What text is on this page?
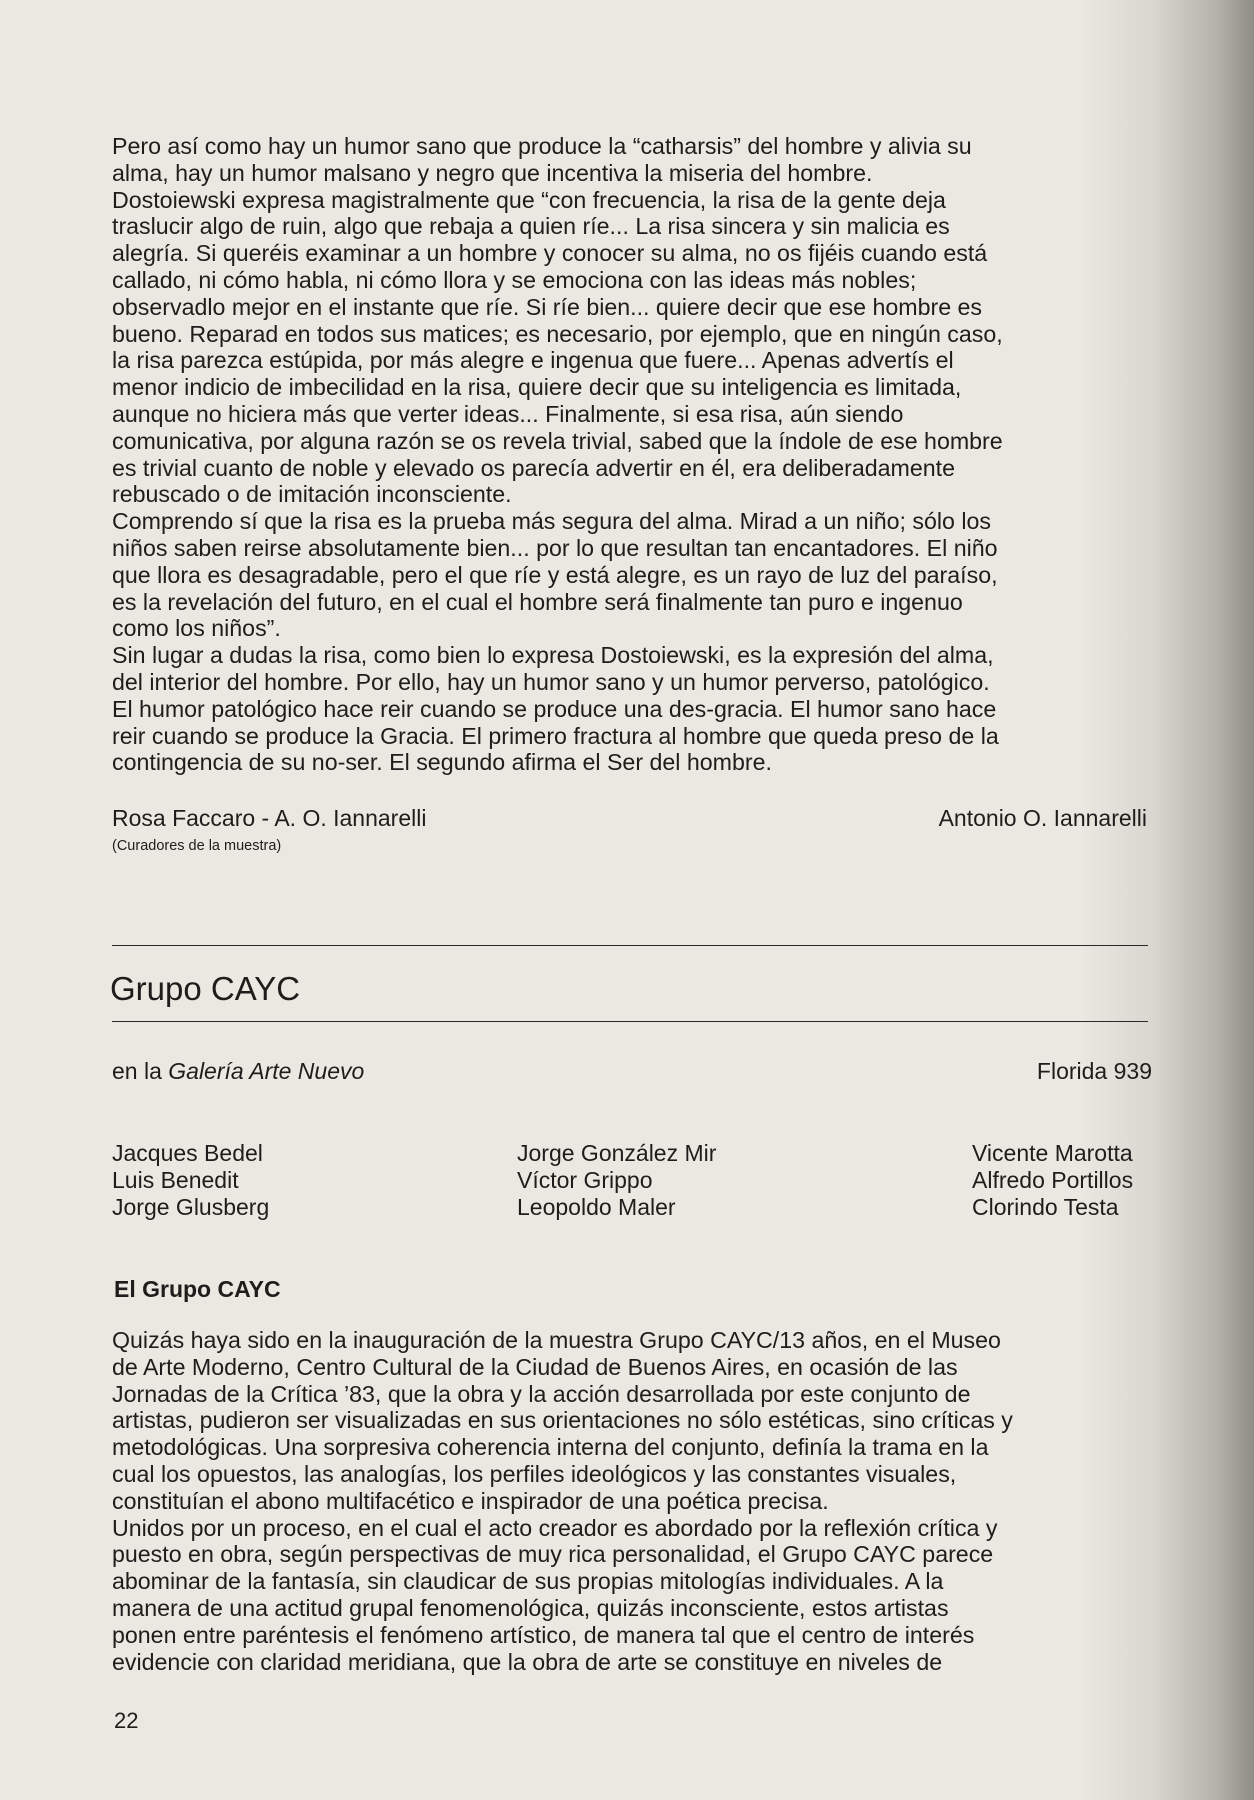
Pero así como hay un humor sano que produce la “catharsis” del hombre y alivia su
alma, hay un humor malsano y negro que incentiva la miseria del hombre.
Dostoiewski expresa magistralmente que “con frecuencia, la risa de la gente deja
traslucir algo de ruin, algo que rebaja a quien ríe... La risa sincera y sin malicia es
alegría. Si queréis examinar a un hombre y conocer su alma, no os fijéis cuando está
callado, ni cómo habla, ni cómo llora y se emociona con las ideas más nobles;
observadlo mejor en el instante que ríe. Si ríe bien... quiere decir que ese hombre es
bueno. Reparad en todos sus matices; es necesario, por ejemplo, que en ningún caso,
la risa parezca estúpida, por más alegre e ingenua que fuere... Apenas advertís el
menor indicio de imbecilidad en la risa, quiere decir que su inteligencia es limitada,
aunque no hiciera más que verter ideas... Finalmente, si esa risa, aún siendo
comunicativa, por alguna razón se os revela trivial, sabed que la índole de ese hombre
es trivial cuanto de noble y elevado os parecía advertir en él, era deliberadamente
rebuscado o de imitación inconsciente.

Comprendo sí que la risa es la prueba más segura del alma. Mirad a un niño; sólo los
niños saben reirse absolutamente bien... por lo que resultan tan encantadores. El niño
que llora es desagradable, pero el que ríe y está alegre, es un rayo de luz del paraíso,
es la revelación del futuro, en el cual el hombre será finalmente tan puro e ingenuo
como los niños”.

Sin lugar a dudas la risa, como bien lo expresa Dostoiewski, es la expresión del alma,
del interior del hombre. Por ello, hay un humor sano y un humor perverso, patológico.
El humor patológico hace reir cuando se produce una des-gracia. El humor sano hace
reir cuando se produce la Gracia. El primero fractura al hombre que queda preso de la
contingencia de su no-ser. El segundo afirma el Ser del hombre.

Rosa Faccaro - A. O. Iannarelli
(Curadores de la muestra)
Antonio O. Iannarelli
Grupo CAYC
en la Galería Arte Nuevo	Florida 939
Jacques Bedel
Luis Benedit
Jorge Glusberg
Jorge González Mir
Víctor Grippo
Leopoldo Maler
Vicente Marotta
Alfredo Portillos
Clorindo Testa
El Grupo CAYC

Quizás haya sido en la inauguración de la muestra Grupo CAYC/13 años, en el Museo
de Arte Moderno, Centro Cultural de la Ciudad de Buenos Aires, en ocasión de las
Jornadas de la Crítica ’83, que la obra y la acción desarrollada por este conjunto de
artistas, pudieron ser visualizadas en sus orientaciones no sólo estéticas, sino críticas y
metodológicas. Una sorpresiva coherencia interna del conjunto, definía la trama en la
cual los opuestos, las analogías, los perfiles ideológicos y las constantes visuales,
constituían el abono multifacético e inspirador de una poética precisa.

Unidos por un proceso, en el cual el acto creador es abordado por la reflexión crítica y
puesto en obra, según perspectivas de muy rica personalidad, el Grupo CAYC parece
abominar de la fantasía, sin claudicar de sus propias mitologías individuales. A la
manera de una actitud grupal fenomenológica, quizás inconsciente, estos artistas
ponen entre paréntesis el fenómeno artístico, de manera tal que el centro de interés
evidencie con claridad meridiana, que la obra de arte se constituye en niveles de

22
